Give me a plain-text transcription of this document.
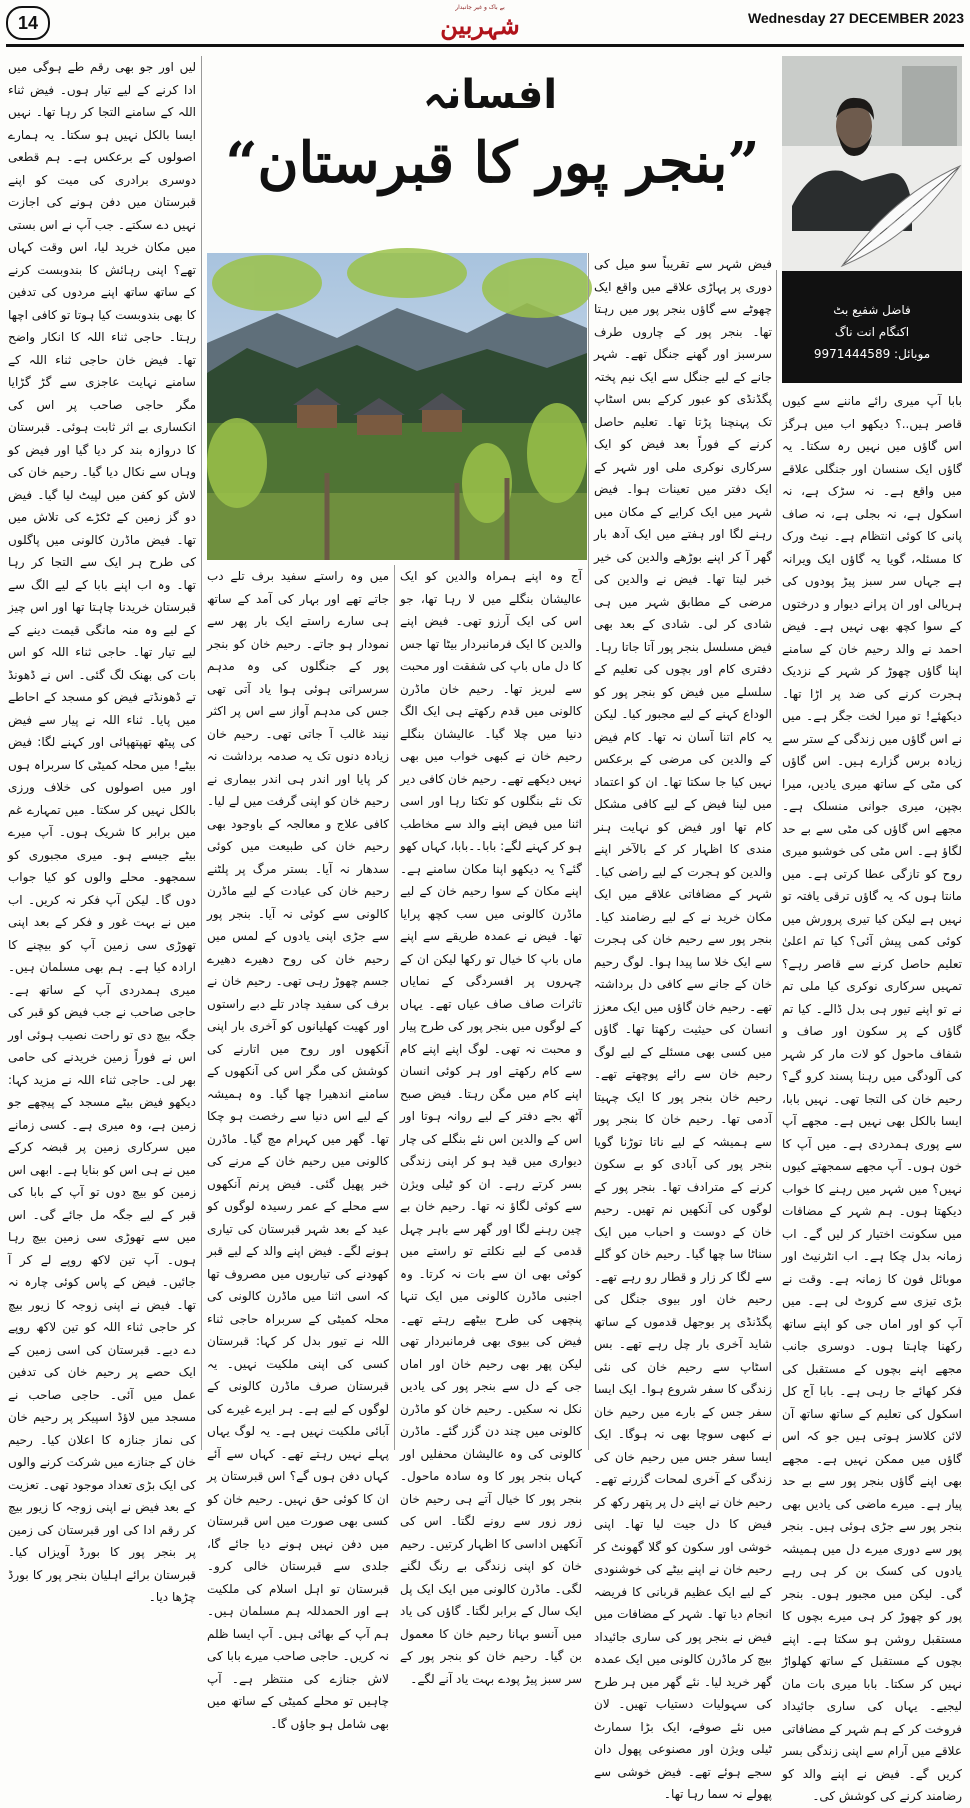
14
بے باک و غیر جانبدار
شہربین	Wednesday 27 DECEMBER 2023
افسانہ
”بنجر پور کا قبرستان“
فاضل شفیع بٹ
اکنگام انت ناگ
موبائل: 9971444589

بابا آپ میری رائے ماننے سے کیوں قاصر ہیں..؟ دیکھو اب میں ہرگز اس گاؤں میں نہیں رہ سکتا۔ یہ گاؤں ایک سنسان اور جنگلی علاقے میں واقع ہے۔ نہ سڑک ہے، نہ اسکول ہے، نہ بجلی ہے، نہ صاف پانی کا کوئی انتظام ہے۔ نیٹ ورک کا مسئلہ، گویا یہ گاؤں ایک ویرانہ ہے جہاں سر سبز پیڑ پودوں کی ہریالی اور ان پرانے دیوار و درختوں کے سوا کچھ بھی نہیں ہے۔ فیض احمد نے والد رحیم خان کے سامنے اپنا گاؤں چھوڑ کر شہر کے نزدیک ہجرت کرنے کی ضد پر اڑا تھا۔ دیکھئے! تو میرا لخت جگر ہے۔ میں نے اس گاؤں میں زندگی کے ستر سے زیادہ برس گزارے ہیں۔ اس گاؤں کی مٹی کے ساتھ میری یادیں، میرا بچپن، میری جوانی منسلک ہے۔ مجھے اس گاؤں کی مٹی سے بے حد لگاؤ ہے۔ اس مٹی کی خوشبو میری روح کو تازگی عطا کرتی ہے۔ میں مانتا ہوں کہ یہ گاؤں ترقی یافتہ تو نہیں ہے لیکن کیا تیری پرورش میں کوئی کمی پیش آئی؟ کیا تم اعلیٰ تعلیم حاصل کرنے سے قاصر رہے؟ تمہیں سرکاری نوکری کیا ملی تم نے تو اپنے تیور ہی بدل ڈالے۔ کیا تم گاؤں کے پر سکون اور صاف و شفاف ماحول کو لات مار کر شہر کی آلودگی میں رہنا پسند کرو گے؟ رحیم خان کی التجا تھی۔ نہیں بابا، ایسا بالکل بھی نہیں ہے۔ مجھے آپ سے پوری ہمدردی ہے۔ میں آپ کا خون ہوں۔ آپ مجھے سمجھتے کیوں نہیں؟ میں شہر میں رہنے کا خواب دیکھتا ہوں۔ ہم شہر کے مضافات میں سکونت اختیار کر لیں گے۔ اب زمانہ بدل چکا ہے۔ اب انٹرنیٹ اور موبائل فون کا زمانہ ہے۔ وقت نے بڑی تیزی سے کروٹ لی ہے۔ میں آپ کو اور اماں جی کو اپنے ساتھ رکھنا چاہتا ہوں۔ دوسری جانب مجھے اپنے بچوں کے مستقبل کی فکر کھائے جا رہی ہے۔ بابا آج کل اسکول کی تعلیم کے ساتھ ساتھ آن لائن کلاسز ہوتی ہیں جو کہ اس گاؤں میں ممکن نہیں ہے۔ مجھے بھی اپنے گاؤں بنجر پور سے بے حد پیار ہے۔ میرے ماضی کی یادیں بھی بنجر پور سے جڑی ہوئی ہیں۔ بنجر پور سے دوری میرے دل میں ہمیشہ یادوں کی کسک بن کر ہی رہے گی۔ لیکن میں مجبور ہوں۔ بنجر پور کو چھوڑ کر ہی میرے بچوں کا مستقبل روشن ہو سکتا ہے۔ اپنے بچوں کے مستقبل کے ساتھ کھلواڑ نہیں کر سکتا۔ بابا میری بات مان لیجیے۔ یہاں کی ساری جائیداد فروخت کر کے ہم شہر کے مضافاتی علاقے میں آرام سے اپنی زندگی بسر کریں گے۔ فیض نے اپنے والد کو رضامند کرنے کی کوشش کی۔

فیض شہر سے تقریباً سو میل کی دوری پر پہاڑی علاقے میں واقع ایک چھوٹے سے گاؤں بنجر پور میں رہتا تھا۔ بنجر پور کے چاروں طرف سرسبز اور گھنے جنگل تھے۔ شہر جانے کے لیے جنگل سے ایک نیم پختہ پگڈنڈی کو عبور کرکے بس اسٹاپ تک پہنچنا پڑتا تھا۔ تعلیم حاصل کرنے کے فوراً بعد فیض کو ایک سرکاری نوکری ملی اور شہر کے ایک دفتر میں تعینات ہوا۔ فیض شہر میں ایک کرایے کے مکان میں رہنے لگا اور ہفتے میں ایک آدھ بار گھر آ کر اپنے بوڑھے والدین کی خیر خبر لیتا تھا۔ فیض نے والدین کی مرضی کے مطابق شہر میں ہی شادی کر لی۔ شادی کے بعد بھی فیض مسلسل بنجر پور آتا جاتا رہا۔ دفتری کام اور بچوں کی تعلیم کے سلسلے میں فیض کو بنجر پور کو الوداع کہنے کے لیے مجبور کیا۔ لیکن یہ کام اتنا آسان نہ تھا۔ کام فیض کے والدین کی مرضی کے برعکس نہیں کیا جا سکتا تھا۔ ان کو اعتماد میں لینا فیض کے لیے کافی مشکل کام تھا اور فیض کو نہایت ہنر مندی کا اظہار کر کے بالآخر اپنے والدین کو ہجرت کے لیے راضی کیا۔ شہر کے مضافاتی علاقے میں ایک مکان خرید نے کے لیے رضامند کیا۔ بنجر پور سے رحیم خان کی ہجرت سے ایک خلا سا پیدا ہوا۔ لوگ رحیم خان کے جانے سے کافی دل برداشتہ تھے۔ رحیم خان گاؤں میں ایک معزز انسان کی حیثیت رکھتا تھا۔ گاؤں میں کسی بھی مسئلے کے لیے لوگ رحیم خان سے رائے پوچھتے تھے۔ رحیم خان بنجر پور کا ایک چہیتا آدمی تھا۔ رحیم خان کا بنجر پور سے ہمیشہ کے لیے ناتا توڑنا گویا بنجر پور کی آبادی کو بے سکون کرنے کے مترادف تھا۔ بنجر پور کے لوگوں کی آنکھیں نم تھیں۔ رحیم خان کے دوست و احباب میں ایک سناٹا سا چھا گیا۔ رحیم خان کو گلے سے لگا کر زار و قطار رو رہے تھے۔ رحیم خان اور بیوی جنگل کی پگڈنڈی پر بوجھل قدموں کے ساتھ شاید آخری بار چل رہے تھے۔ بس اسٹاپ سے رحیم خان کی نئی زندگی کا سفر شروع ہوا۔ ایک ایسا سفر جس کے بارے میں رحیم خان نے کبھی سوچا بھی نہ ہوگا۔ ایک ایسا سفر جس میں رحیم خان کی زندگی کے آخری لمحات گزرنے تھے۔ رحیم خان نے اپنے دل پر پتھر رکھ کر فیض کا دل جیت لیا تھا۔ اپنی خوشی اور سکون کو گلا گھونٹ کر رحیم خان نے اپنے بیٹے کی خوشنودی کے لیے ایک عظیم قربانی کا فریضہ انجام دیا تھا۔ شہر کے مضافات میں فیض نے بنجر پور کی ساری جائیداد بیچ کر ماڈرن کالونی میں ایک عمدہ گھر خرید لیا۔ نئے گھر میں ہر طرح کی سہولیات دستیاب تھیں۔ لان میں نئے صوفے، ایک بڑا سمارٹ ٹیلی ویژن اور مصنوعی پھول دان سجے ہوئے تھے۔ فیض خوشی سے پھولے نہ سما رہا تھا۔

آج وہ اپنے ہمراہ والدین کو ایک عالیشان بنگلے میں لا رہا تھا، جو اس کی ایک آرزو تھی۔ فیض اپنے والدین کا ایک فرمانبردار بیٹا تھا جس کا دل ماں باپ کی شفقت اور محبت سے لبریز تھا۔ رحیم خان ماڈرن کالونی میں قدم رکھتے ہی ایک الگ دنیا میں چلا گیا۔ عالیشان بنگلے رحیم خان نے کبھی خواب میں بھی نہیں دیکھے تھے۔ رحیم خان کافی دیر تک نئے بنگلوں کو تکتا رہا اور اسی اثنا میں فیض اپنے والد سے مخاطب ہو کر کہنے لگے: بابا۔۔بابا، کہاں کھو گئے؟ یہ دیکھو اپنا مکان سامنے ہے۔ اپنے مکان کے سوا رحیم خان کے لیے ماڈرن کالونی میں سب کچھ پرایا تھا۔ فیض نے عمدہ طریقے سے اپنے ماں باپ کا خیال تو رکھا لیکن ان کے چہروں پر افسردگی کے نمایاں تاثرات صاف صاف عیاں تھے۔ یہاں کے لوگوں میں بنجر پور کی طرح پیار و محبت نہ تھی۔ لوگ اپنے اپنے کام سے کام رکھتے اور ہر کوئی انسان اپنے کام میں مگن رہتا۔ فیض صبح آٹھ بجے دفتر کے لیے روانہ ہوتا اور اس کے والدین اس نئے بنگلے کی چار دیواری میں قید ہو کر اپنی زندگی بسر کرتے رہے۔ ان کو ٹیلی ویژن سے کوئی لگاؤ نہ تھا۔ رحیم خان بے چین رہنے لگا اور گھر سے باہر چہل قدمی کے لیے نکلتے تو راستے میں کوئی بھی ان سے بات نہ کرتا۔ وہ اجنبی ماڈرن کالونی میں ایک تنہا پنچھی کی طرح بیٹھے رہتے تھے۔ فیض کی بیوی بھی فرمانبردار تھی لیکن پھر بھی رحیم خان اور اماں جی کے دل سے بنجر پور کی یادیں نکل نہ سکیں۔ رحیم خان کو ماڈرن کالونی میں چند دن گزر گئے۔ ماڈرن کالونی کی وہ عالیشان محفلیں اور کہاں بنجر پور کا وہ سادہ ماحول۔ بنجر پور کا خیال آتے ہی رحیم خان زور زور سے رونے لگتا۔ اس کی آنکھیں اداسی کا اظہار کرتیں۔ رحیم خان کو اپنی زندگی بے رنگ لگنے لگی۔ ماڈرن کالونی میں ایک ایک پل ایک سال کے برابر لگتا۔ گاؤں کی یاد میں آنسو بہانا رحیم خان کا معمول بن گیا۔ رحیم خان کو بنجر پور کے سر سبز پیڑ پودے بہت یاد آنے لگے۔

میں وہ راستے سفید برف تلے دب جاتے تھے اور بہار کی آمد کے ساتھ ہی سارے راستے ایک بار پھر سے نمودار ہو جاتے۔ رحیم خان کو بنجر پور کے جنگلوں کی وہ مدہم سرسراتی ہوئی ہوا یاد آتی تھی جس کی مدہم آواز سے اس پر اکثر نیند غالب آ جاتی تھی۔ رحیم خان زیادہ دنوں تک یہ صدمہ برداشت نہ کر پایا اور اندر ہی اندر بیماری نے رحیم خان کو اپنی گرفت میں لے لیا۔ کافی علاج و معالجہ کے باوجود بھی رحیم خان کی طبیعت میں کوئی سدھار نہ آیا۔ بستر مرگ پر پلٹنے رحیم خان کی عیادت کے لیے ماڈرن کالونی سے کوئی نہ آیا۔ بنجر پور سے جڑی اپنی یادوں کے لمس میں رحیم خان کی روح دھیرے دھیرے جسم چھوڑ رہی تھی۔ رحیم خان نے برف کی سفید چادر تلے دبے راستوں اور کھیت کھلیانوں کو آخری بار اپنی آنکھوں اور روح میں اتارنے کی کوشش کی مگر اس کی آنکھوں کے سامنے اندھیرا چھا گیا۔ وہ ہمیشہ کے لیے اس دنیا سے رخصت ہو چکا تھا۔ گھر میں کہرام مچ گیا۔ ماڈرن کالونی میں رحیم خان کے مرنے کی خبر پھیل گئی۔ فیض پرنم آنکھوں سے محلے کے عمر رسیدہ لوگوں کو عید کے بعد شہر قبرستان کی تیاری ہونے لگے۔ فیض اپنے والد کے لیے قبر کھودنے کی تیاریوں میں مصروف تھا کہ اسی اثنا میں ماڈرن کالونی کی محلہ کمیٹی کے سربراہ حاجی ثناء اللہ نے تیور بدل کر کہا: قبرستان کسی کی اپنی ملکیت نہیں۔ یہ قبرستان صرف ماڈرن کالونی کے لوگوں کے لیے ہے۔ ہر ایرے غیرے کی آبائی ملکیت نہیں ہے۔ یہ لوگ یہاں پہلے نہیں رہتے تھے۔ کہاں سے آئے کہاں دفن ہوں گے؟ اس قبرستان پر ان کا کوئی حق نہیں۔ رحیم خان کو کسی بھی صورت میں اس قبرستان میں دفن نہیں ہونے دیا جائے گا، جلدی سے قبرستان خالی کرو۔ قبرستان تو اہل اسلام کی ملکیت ہے اور الحمدللہ ہم مسلمان ہیں۔ ہم آپ کے بھائی ہیں۔ آپ ایسا ظلم نہ کریں۔ حاجی صاحب میرے بابا کی لاش جنازے کی منتظر ہے۔ آپ چاہیں تو محلے کمیٹی کے ساتھ میں بھی شامل ہو جاؤں گا۔

لیں اور جو بھی رقم طے ہوگی میں ادا کرنے کے لیے تیار ہوں۔ فیض ثناء اللہ کے سامنے التجا کر رہا تھا۔ نہیں ایسا بالکل نہیں ہو سکتا۔ یہ ہمارے اصولوں کے برعکس ہے۔ ہم قطعی دوسری برادری کی میت کو اپنے قبرستان میں دفن ہونے کی اجازت نہیں دے سکتے۔ جب آپ نے اس بستی میں مکان خرید لیا، اس وقت کہاں تھے؟ اپنی رہائش کا بندوبست کرنے کے ساتھ ساتھ اپنے مردوں کی تدفین کا بھی بندوبست کیا ہوتا تو کافی اچھا رہتا۔ حاجی ثناء اللہ کا انکار واضح تھا۔ فیض خان حاجی ثناء اللہ کے سامنے نہایت عاجزی سے گڑ گڑایا مگر حاجی صاحب پر اس کی انکساری بے اثر ثابت ہوئی۔ قبرستان کا دروازہ بند کر دیا گیا اور فیض کو وہاں سے نکال دیا گیا۔ رحیم خان کی لاش کو کفن میں لپیٹ لیا گیا۔ فیض دو گز زمین کے ٹکڑے کی تلاش میں تھا۔ فیض ماڈرن کالونی میں پاگلوں کی طرح ہر ایک سے التجا کر رہا تھا۔ وہ اب اپنے بابا کے لیے الگ سے قبرستان خریدنا چاہتا تھا اور اس چیز کے لیے وہ منہ مانگی قیمت دینے کے لیے تیار تھا۔ حاجی ثناء اللہ کو اس بات کی بھنک لگ گئی۔ اس نے ڈھونڈ تے ڈھونڈتے فیض کو مسجد کے احاطے میں پایا۔ ثناء اللہ نے پیار سے فیض کی پیٹھ تھپتھپائی اور کہنے لگا: فیض بیٹے! میں محلہ کمیٹی کا سربراہ ہوں اور میں اصولوں کی خلاف ورزی بالکل نہیں کر سکتا۔ میں تمہارے غم میں برابر کا شریک ہوں۔ آپ میرے بیٹے جیسے ہو۔ میری مجبوری کو سمجھو۔ محلے والوں کو کیا جواب دوں گا۔ لیکن آپ فکر نہ کریں۔ اب میں نے بہت غور و فکر کے بعد اپنی تھوڑی سی زمین آپ کو بیچنے کا ارادہ کیا ہے۔ ہم بھی مسلمان ہیں۔ میری ہمدردی آپ کے ساتھ ہے۔ حاجی صاحب نے جب فیض کو قبر کی جگہ بیچ دی تو راحت نصیب ہوئی اور اس نے فوراً زمین خریدنے کی حامی بھر لی۔ حاجی ثناء اللہ نے مزید کہا: دیکھو فیض بیٹے مسجد کے پیچھے جو زمین ہے، وہ میری ہے۔ کسی زمانے میں سرکاری زمین پر قبضہ کرکے میں نے ہی اس کو بنایا ہے۔ ابھی اس زمین کو بیچ دوں تو آپ کے بابا کی قبر کے لیے جگہ مل جائے گی۔ اس میں سے تھوڑی سی زمین بیچ رہا ہوں۔ آپ تین لاکھ روپے لے کر آ جائیں۔ فیض کے پاس کوئی چارہ نہ تھا۔ فیض نے اپنی زوجہ کا زیور بیچ کر حاجی ثناء اللہ کو تین لاکھ روپے دے دیے۔ قبرستان کی اسی زمین کے ایک حصے پر رحیم خان کی تدفین عمل میں آئی۔ حاجی صاحب نے مسجد میں لاؤڈ اسپیکر پر رحیم خان کی نماز جنازہ کا اعلان کیا۔ رحیم خان کے جنازے میں شرکت کرنے والوں کی ایک بڑی تعداد موجود تھی۔ تعزیت کے بعد فیض نے اپنی زوجہ کا زیور بیچ کر رقم ادا کی اور قبرستان کی زمین پر بنجر پور کا بورڈ آویزاں کیا۔ قبرستان برائے اہلیان بنجر پور کا بورڈ چڑھا دیا۔
